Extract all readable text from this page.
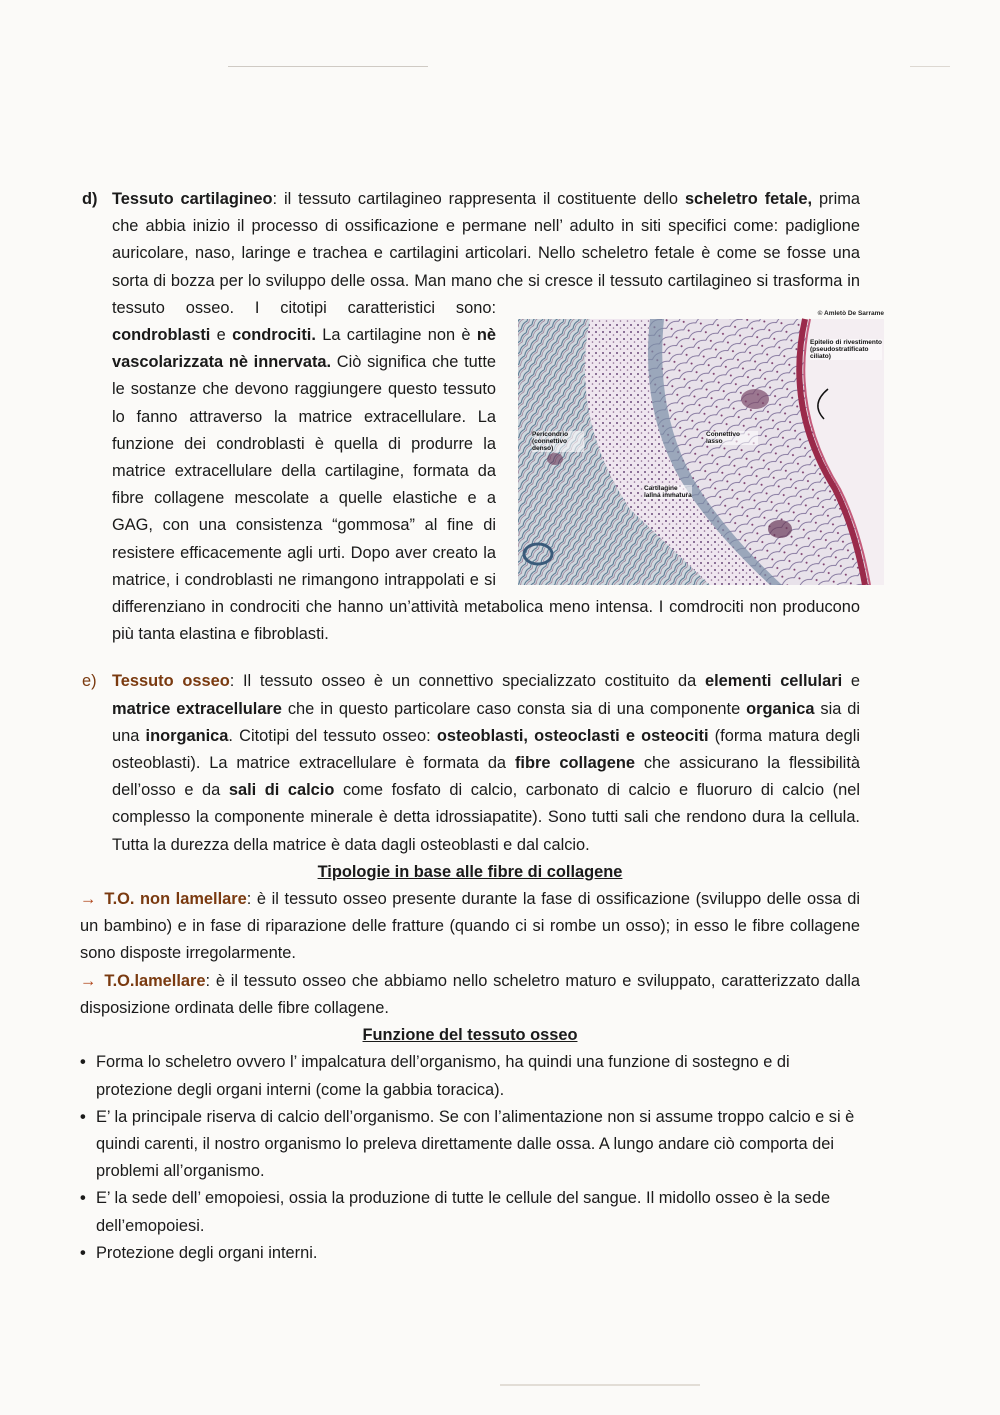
d) Tessuto cartilagineo: il tessuto cartilagineo rappresenta il costituente dello scheletro fetale, prima che abbia inizio il processo di ossificazione e permane nell’ adulto in siti specifici come: padiglione auricolare, naso, laringe e trachea e cartilagini articolari. Nello scheletro fetale è come se fosse una sorta di bozza per lo sviluppo delle ossa. Man mano che si cresce il tessuto cartilagineo si trasforma in tessuto osseo. I citotipi caratteristici sono:	© Amletò De Sarrame
Epitelio di rivestimento (pseudostratificato ciliato)
Pericondrio (connettivo denso)
Connettivo lasso
Cartilagine ialina immatura
condroblasti e condrociti. La cartilagine non è nè vascolarizzata nè innervata. Ciò significa che tutte le sostanze che devono raggiungere questo tessuto lo fanno attraverso la matrice extracellulare. La funzione dei condroblasti è quella di produrre la matrice extracellulare della cartilagine, formata da fibre collagene mescolate a quelle elastiche e a GAG, con una consistenza “gommosa” al fine di resistere efficacemente agli urti. Dopo aver creato la matrice, i condroblasti ne rimangono intrappolati e si differenziano in condrociti che hanno un’attività metabolica meno intensa. I comdrociti non producono più tanta elastina e fibroblasti.

e) Tessuto osseo: Il tessuto osseo è un connettivo specializzato costituito da elementi cellulari e matrice extracellulare che in questo particolare caso consta sia di una componente organica sia di una inorganica. Citotipi del tessuto osseo: osteoblasti, osteoclasti e osteociti (forma matura degli osteoblasti). La matrice extracellulare è formata da fibre collagene che assicurano la flessibilità dell’osso e da sali di calcio come fosfato di calcio, carbonato di calcio e fluoruro di calcio (nel complesso la componente minerale è detta idrossiapatite). Sono tutti sali che rendono dura la cellula. Tutta la durezza della matrice è data dagli osteoblasti e dal calcio.

Tipologie in base alle fibre di collagene

→ T.O. non lamellare: è il tessuto osseo presente durante la fase di ossificazione (sviluppo delle ossa di un bambino) e in fase di riparazione delle fratture (quando ci si rombe un osso); in esso le fibre collagene sono disposte irregolarmente.

→ T.O.lamellare: è il tessuto osseo che abbiamo nello scheletro maturo e sviluppato, caratterizzato dalla disposizione ordinata delle fibre collagene.

Funzione del tessuto osseo
• Forma lo scheletro ovvero l’ impalcatura dell’organismo, ha quindi una funzione di sostegno e di protezione degli organi interni (come la gabbia toracica).
• E’ la principale riserva di calcio dell’organismo. Se con l’alimentazione non si assume troppo calcio e si è quindi carenti, il nostro organismo lo preleva direttamente dalle ossa. A lungo andare ciò comporta dei problemi all’organismo.
• E’ la sede dell’ emopoiesi, ossia la produzione di tutte le cellule del sangue. Il midollo osseo è la sede dell’emopoiesi.
• Protezione degli organi interni.
